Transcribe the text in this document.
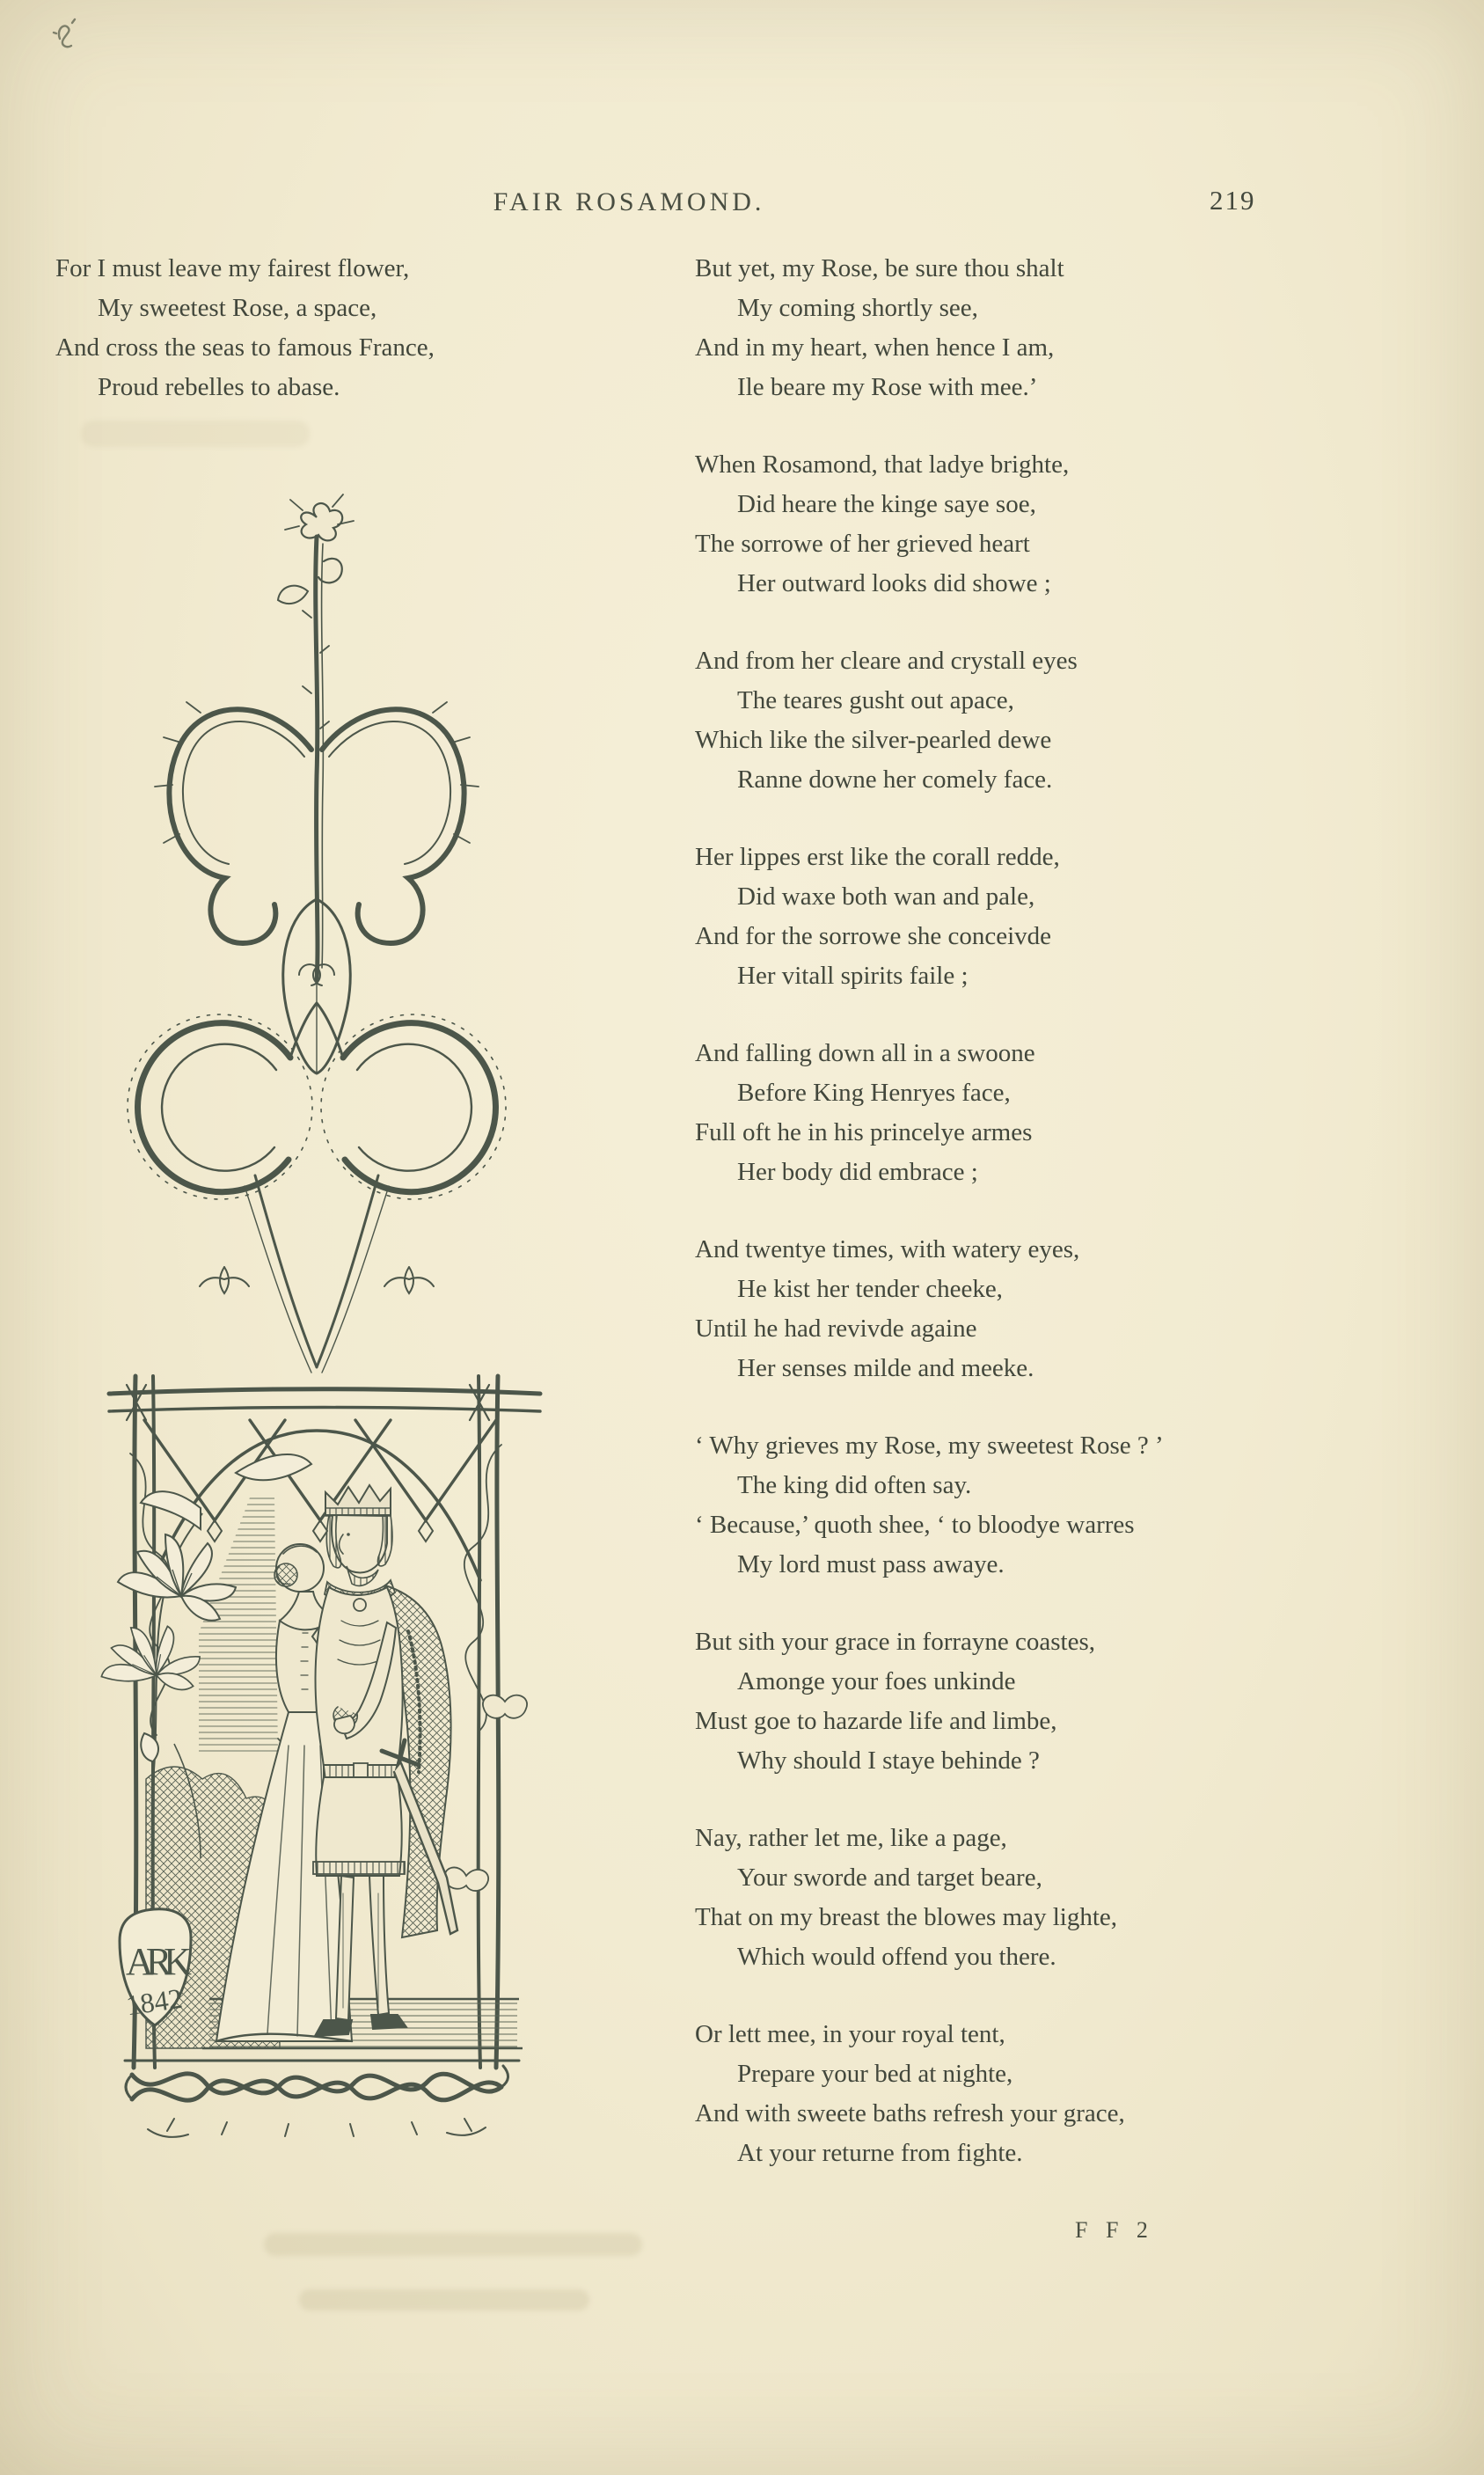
FAIR ROSAMOND.	219

For I must leave my fairest flower,

My sweetest Rose, a space,

And cross the seas to famous France,

Proud rebelles to abase.

But yet, my Rose, be sure thou shalt

My coming shortly see,

And in my heart, when hence I am,

Ile beare my Rose with mee.’

When Rosamond, that ladye brighte,

Did heare the kinge saye soe,

The sorrowe of her grieved heart

Her outward looks did showe ;

And from her cleare and crystall eyes

The teares gusht out apace,

Which like the silver-pearled dewe

Ranne downe her comely face.

Her lippes erst like the corall redde,

Did waxe both wan and pale,

And for the sorrowe she conceivde

Her vitall spirits faile ;

And falling down all in a swoone

Before King Henryes face,

Full oft he in his princelye armes

Her body did embrace ;

And twentye times, with watery eyes,

He kist her tender cheeke,

Until he had revivde againe

Her senses milde and meeke.

‘ Why grieves my Rose, my sweetest Rose ? ’

The king did often say.

‘ Because,’ quoth shee, ‘ to bloodye warres

My lord must pass awaye.

But sith your grace in forrayne coastes,

Amonge your foes unkinde

Must goe to hazarde life and limbe,

Why should I staye behinde ?

Nay, rather let me, like a page,

Your sworde and target beare,

That on my breast the blowes may lighte,

Which would offend you there.

Or lett mee, in your royal tent,

Prepare your bed at nighte,

And with sweete baths refresh your grace,

At your returne from fighte.

ARK
1842
F F 2
